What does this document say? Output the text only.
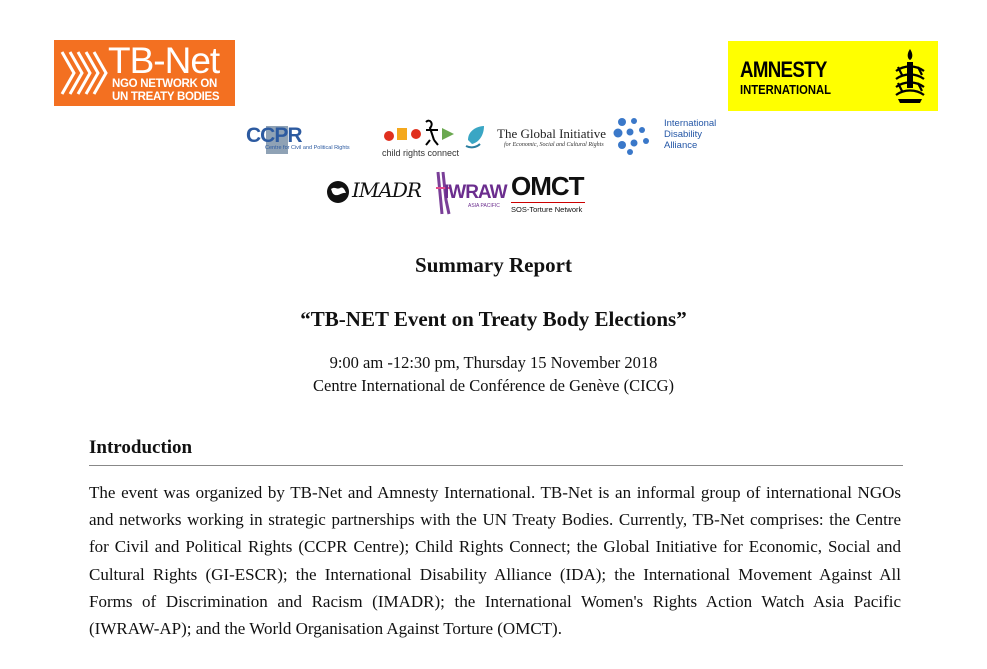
TB-Net
NGO NETWORK ON
UN TREATY BODIES
AMNESTY
INTERNATIONAL
CCPR
Centre for Civil and Political Rights	child rights connect
The Global Initiative
for Economic, Social and Cultural Rights
International
Disability
Alliance
IMADR IWRAW
ASIA PACIFIC
OMCT
SOS-Torture Network
Summary Report
“TB-NET Event on Treaty Body Elections”
9:00 am -12:30 pm, Thursday 15 November 2018
Centre International de Conférence de Genève (CICG)
Introduction
The event was organized by TB-Net and Amnesty International. TB-Net is an informal group of international NGOs and networks working in strategic partnerships with the UN Treaty Bodies. Currently, TB-Net comprises: the Centre for Civil and Political Rights (CCPR Centre); Child Rights Connect; the Global Initiative for Economic, Social and Cultural Rights (GI-ESCR); the International Disability Alliance (IDA); the International Movement Against All Forms of Discrimination and Racism (IMADR); the International Women's Rights Action Watch Asia Pacific (IWRAW-AP); and the World Organisation Against Torture (OMCT).
